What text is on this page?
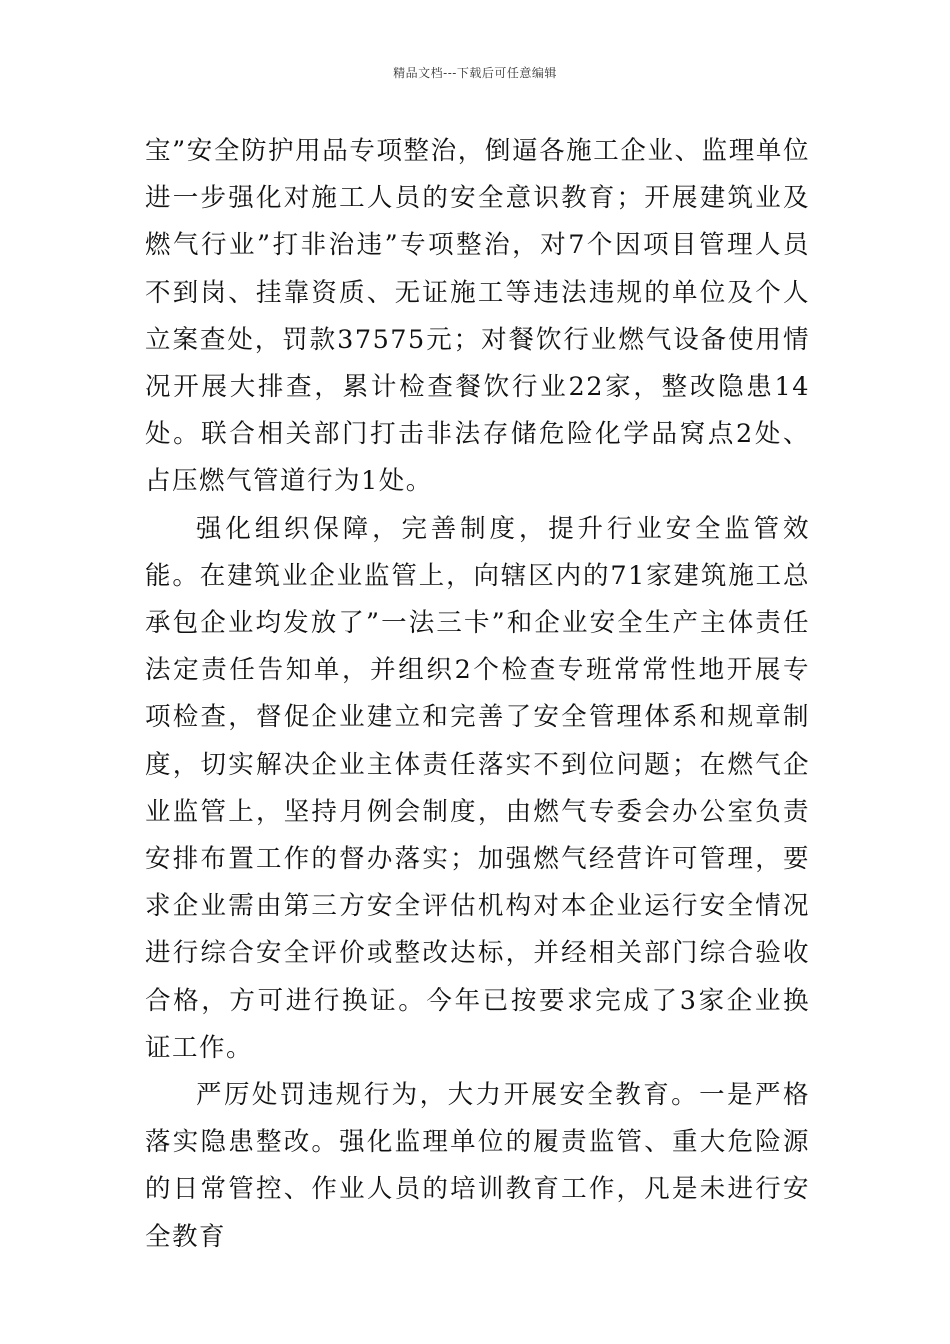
精品文档---下载后可任意编辑

宝”安全防护用品专项整治，倒逼各施工企业、监理单位进一步强化对施工人员的安全意识教育；开展建筑业及燃气行业”打非治违”专项整治，对7个因项目管理人员不到岗、挂靠资质、无证施工等违法违规的单位及个人立案查处，罚款37575元；对餐饮行业燃气设备使用情况开展大排查，累计检查餐饮行业22家，整改隐患14处。联合相关部门打击非法存储危险化学品窝点2处、占压燃气管道行为1处。

强化组织保障，完善制度，提升行业安全监管效能。在建筑业企业监管上，向辖区内的71家建筑施工总承包企业均发放了”一法三卡”和企业安全生产主体责任法定责任告知单，并组织2个检查专班常常性地开展专项检查，督促企业建立和完善了安全管理体系和规章制度，切实解决企业主体责任落实不到位问题；在燃气企业监管上，坚持月例会制度，由燃气专委会办公室负责安排布置工作的督办落实；加强燃气经营许可管理，要求企业需由第三方安全评估机构对本企业运行安全情况进行综合安全评价或整改达标，并经相关部门综合验收合格，方可进行换证。今年已按要求完成了3家企业换证工作。

严厉处罚违规行为，大力开展安全教育。一是严格落实隐患整改。强化监理单位的履责监管、重大危险源的日常管控、作业人员的培训教育工作，凡是未进行安全教育
